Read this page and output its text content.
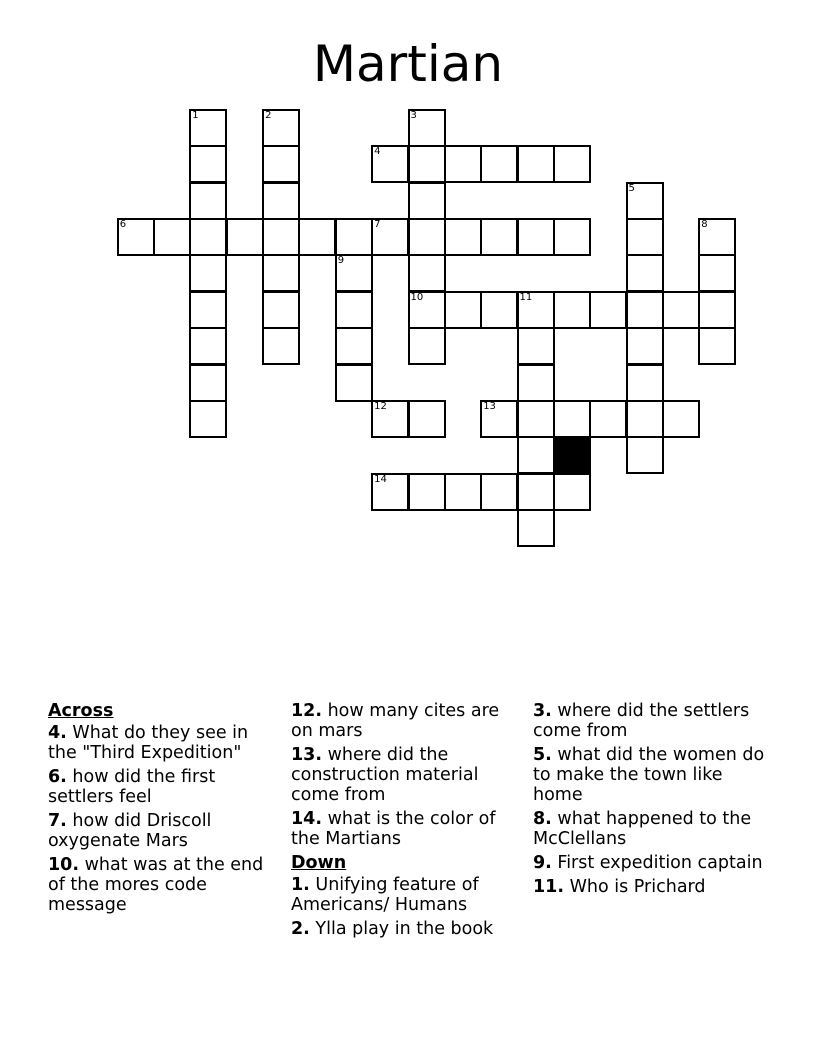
Martian
1	2	3
4
5
6	7	8
9
10	11
12	13
14
Across
4. What do they see in the "Third Expedition"
6. how did the first settlers feel
7. how did Driscoll oxygenate Mars
10. what was at the end of the mores code message
12. how many cites are on mars
13. where did the construction material come from
14. what is the color of the Martians
Down
1. Unifying feature of Americans/ Humans
2. Ylla play in the book
3. where did the settlers come from
5. what did the women do to make the town like home
8. what happened to the McClellans
9. First expedition captain
11. Who is Prichard
